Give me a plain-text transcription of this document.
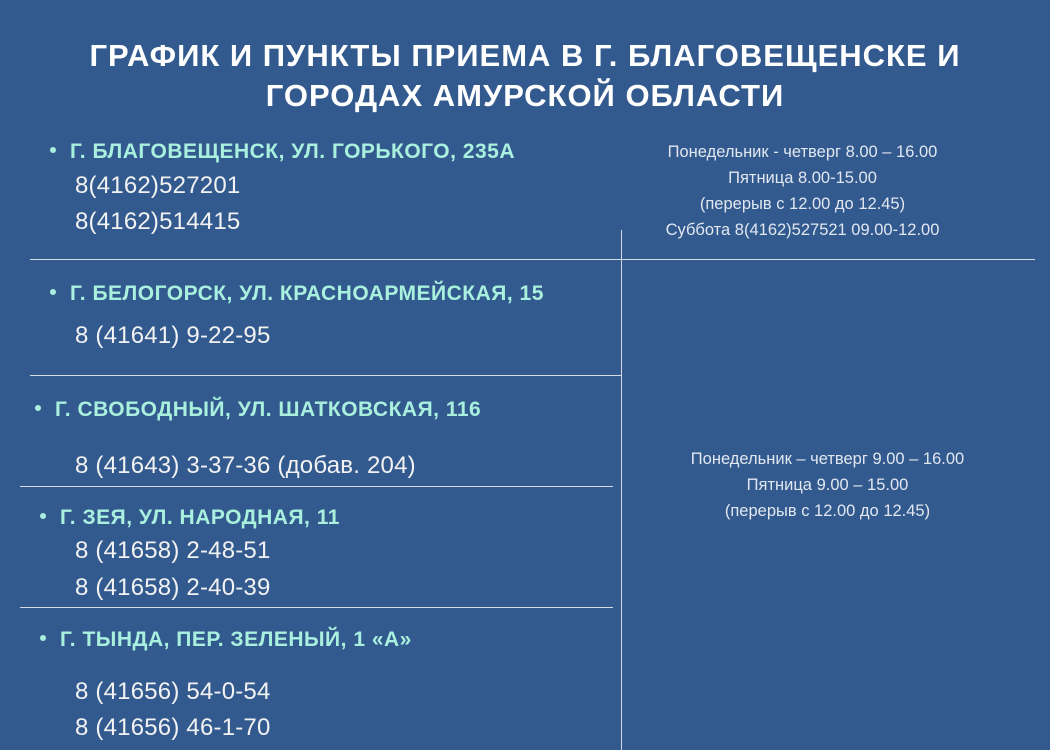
ГРАФИК И ПУНКТЫ ПРИЕМА В Г. БЛАГОВЕЩЕНСКЕ И
ГОРОДАХ АМУРСКОЙ ОБЛАСТИ
Г. БЛАГОВЕЩЕНСК, УЛ. ГОРЬКОГО, 235А
8(4162)527201
8(4162)514415
Понедельник - четверг 8.00 – 16.00
Пятница 8.00-15.00
(перерыв с 12.00 до 12.45)
Суббота 8(4162)527521 09.00-12.00
Г. БЕЛОГОРСК, УЛ. КРАСНОАРМЕЙСКАЯ, 15
8 (41641) 9-22-95
Г. СВОБОДНЫЙ, УЛ. ШАТКОВСКАЯ, 116
8 (41643) 3-37-36 (добав. 204)	Понедельник – четверг 9.00 – 16.00
Пятница 9.00 – 15.00
(перерыв с 12.00 до 12.45)
Г. ЗЕЯ, УЛ. НАРОДНАЯ, 11
8 (41658) 2-48-51
8 (41658) 2-40-39
Г. ТЫНДА, ПЕР. ЗЕЛЕНЫЙ, 1 «А»
8 (41656) 54-0-54
8 (41656) 46-1-70
